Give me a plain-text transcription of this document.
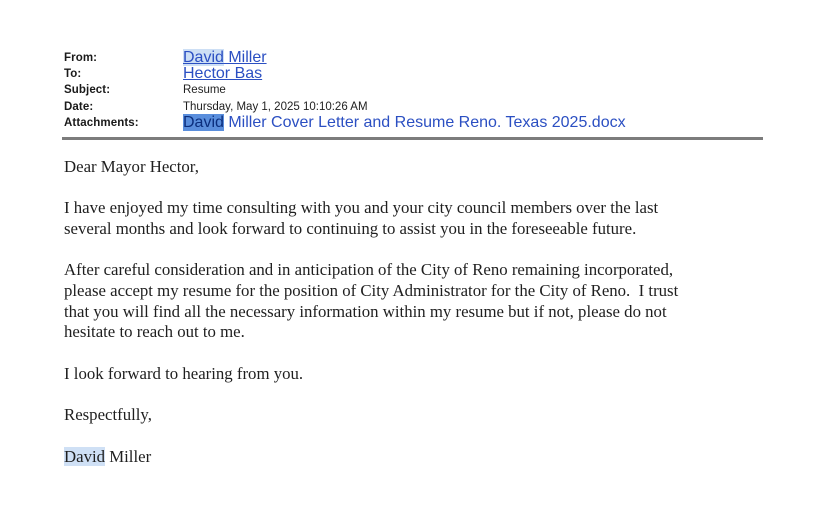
From:	David Miller
To:	Hector Bas
Subject:	Resume
Date:	Thursday, May 1, 2025 10:10:26 AM
Attachments:	David Miller Cover Letter and Resume Reno. Texas 2025.docx
Dear Mayor Hector,
I have enjoyed my time consulting with you and your city council members over the last
several months and look forward to continuing to assist you in the foreseeable future.
After careful consideration and in anticipation of the City of Reno remaining incorporated,
please accept my resume for the position of City Administrator for the City of Reno.  I trust
that you will find all the necessary information within my resume but if not, please do not
hesitate to reach out to me.
I look forward to hearing from you.
Respectfully,
David Miller
